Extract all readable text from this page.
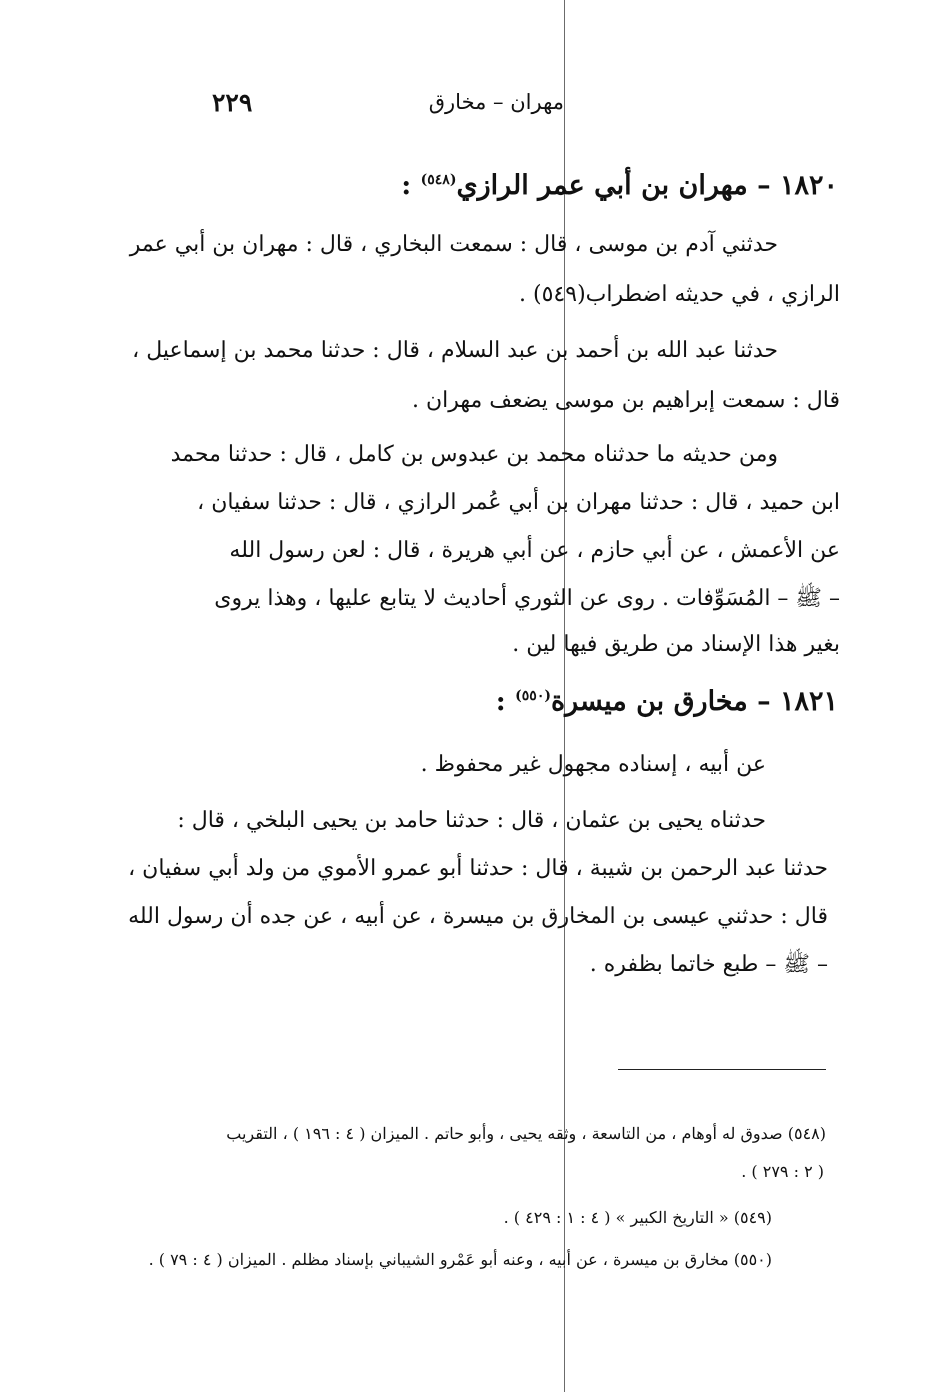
٢٢٩	مهران – مخارق
١٨٢٠ – مهران بن أبي عمر الرازي$^{(٥٤٨)}$ :
حدثني آدم بن موسى ، قال : سمعت البخاري ، قال : مهران بن أبي عمر
الرازي ، في حديثه اضطراب(٥٤٩) .
حدثنا عبد الله بن أحمد بن عبد السلام ، قال : حدثنا محمد بن إسماعيل ،
قال : سمعت إبراهيم بن موسى يضعف مهران .
ومن حديثه ما حدثناه محمد بن عبدوس بن كامل ، قال : حدثنا محمد
ابن حميد ، قال : حدثنا مهران بن أبي عُمر الرازي ، قال : حدثنا سفيان ،
عن الأعمش ، عن أبي حازم ، عن أبي هريرة ، قال : لعن رسول الله
– ﷺ – المُسَوِّفات . روى عن الثوري أحاديث لا يتابع عليها ، وهذا يروى
بغير هذا الإسناد من طريق فيها لين .
١٨٢١ – مخارق بن ميسرة$^{(٥٥٠)}$ :
عن أبيه ، إسناده مجهول غير محفوظ .
حدثناه يحيى بن عثمان ، قال : حدثنا حامد بن يحيى البلخي ، قال :
حدثنا عبد الرحمن بن شيبة ، قال : حدثنا أبو عمرو الأموي من ولد أبي سفيان ،
قال : حدثني عيسى بن المخارق بن ميسرة ، عن أبيه ، عن جده أن رسول الله
– ﷺ – طبع خاتما بظفره .
(٥٤٨) صدوق له أوهام ، من التاسعة ، وثقه يحيى ، وأبو حاتم . الميزان ( ٤ : ١٩٦ ) ، التقريب
( ٢ : ٢٧٩ ) .
(٥٤٩) « التاريخ الكبير » ( ٤ : ١ : ٤٢٩ ) .
(٥٥٠) مخارق بن ميسرة ، عن أبيه ، وعنه أبو عَمْرو الشيباني بإسناد مظلم . الميزان ( ٤ : ٧٩ ) .
